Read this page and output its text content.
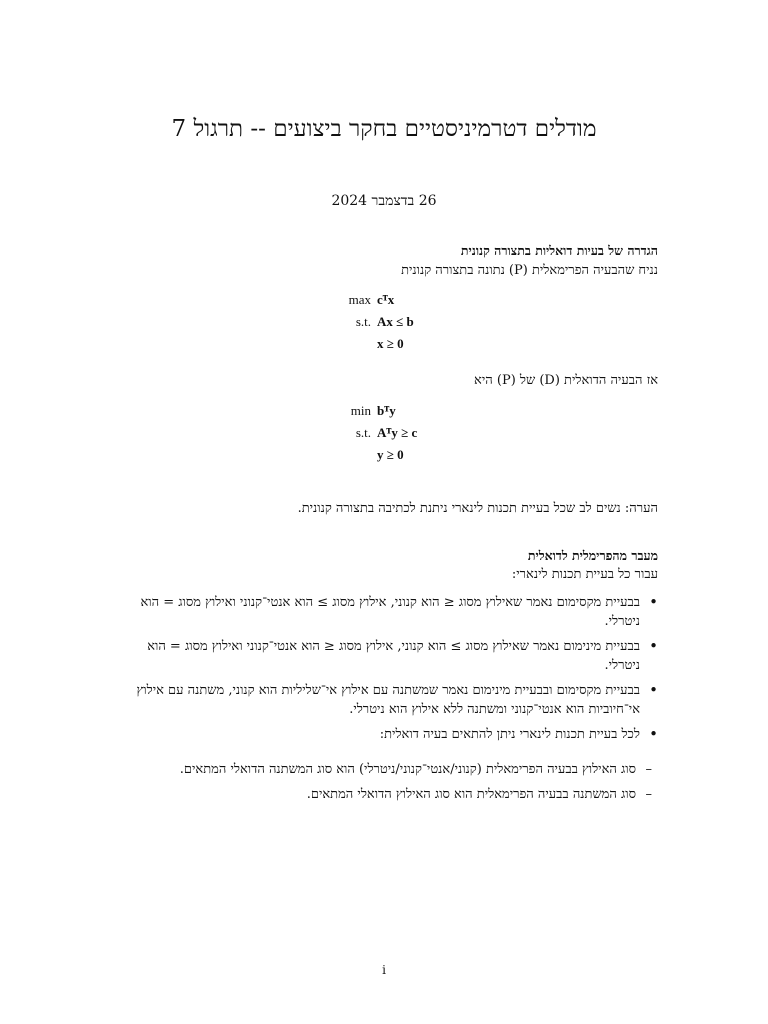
מודלים דטרמיניסטיים בחקר ביצועים -- תרגול 7
26 בדצמבר 2024
הגדרה של בעיות דואליות בתצורה קנונית
נניח שהבעיה הפרימאלית (P) נתונה בתצורה קנונית
max cᵀx
s.t. Ax ≤ b
x ≥ 0
אז הבעיה הדואלית (D) של (P) היא
min bᵀy
s.t. Aᵀy ≥ c
y ≥ 0
הערה: נשים לב שכל בעיית תכנות לינארי ניתנת לכתיבה בתצורה קנונית.
מעבר מהפרימלית לדואלית
עבור כל בעיית תכנות לינארי:
• בבעיית מקסימום נאמר שאילוץ מסוג ≤ הוא קנוני, אילוץ מסוג ≥ הוא אנטי־קנוני ואילוץ מסוג = הוא ניטרלי.
• בבעיית מינימום נאמר שאילוץ מסוג ≥ הוא קנוני, אילוץ מסוג ≤ הוא אנטי־קנוני ואילוץ מסוג = הוא ניטרלי.
• בבעיית מקסימום ובבעיית מינימום נאמר שמשתנה עם אילוץ אי־שליליות הוא קנוני, משתנה עם אילוץ אי־חיוביות הוא אנטי־קנוני ומשתנה ללא אילוץ הוא ניטרלי.
• לכל בעיית תכנות לינארי ניתן להתאים בעיה דואלית:
– סוג האילוץ בבעיה הפרימאלית (קנוני/אנטי־קנוני/ניטרלי) הוא סוג המשתנה הדואלי המתאים.
– סוג המשתנה בבעיה הפרימאלית הוא סוג האילוץ הדואלי המתאים.
i
